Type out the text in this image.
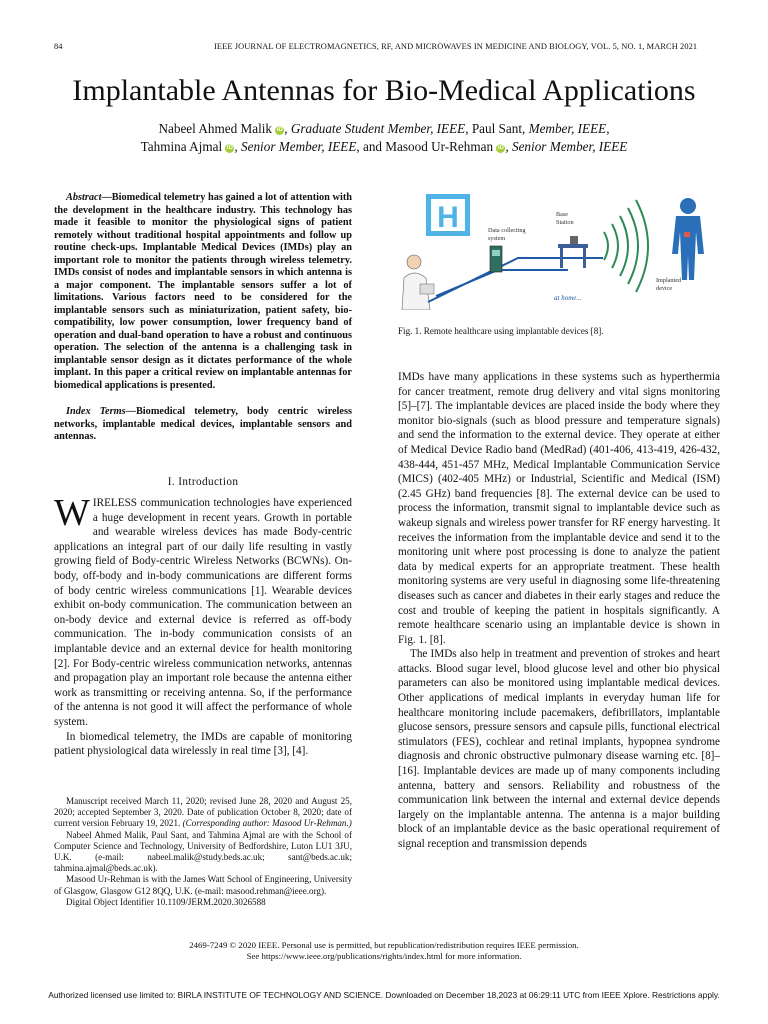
84	IEEE JOURNAL OF ELECTROMAGNETICS, RF, AND MICROWAVES IN MEDICINE AND BIOLOGY, VOL. 5, NO. 1, MARCH 2021
Implantable Antennas for Bio-Medical Applications
Nabeel Ahmed Malik iD , Graduate Student Member, IEEE, Paul Sant, Member, IEEE,
Tahmina Ajmal iD , Senior Member, IEEE, and Masood Ur-Rehman iD , Senior Member, IEEE
Abstract—Biomedical telemetry has gained a lot of attention with the development in the healthcare industry. This technology has made it feasible to monitor the physiological signs of patient remotely without traditional hospital appointments and follow up routine check-ups. Implantable Medical Devices (IMDs) play an important role to monitor the patients through wireless telemetry. IMDs consist of nodes and implantable sensors in which antenna is a major component. The implantable sensors suffer a lot of limitations. Various factors need to be considered for the implantable sensors such as miniaturization, patient safety, bio-compatibility, low power consumption, lower frequency band of operation and dual-band operation to have a robust and continuous operation. The selection of the antenna is a challenging task in implantable sensor design as it dictates performance of the whole implant. In this paper a critical review on implantable antennas for biomedical applications is presented.
Index Terms—Biomedical telemetry, body centric wireless networks, implantable medical devices, implantable sensors and antennas.
I. Introduction

WIRELESS communication technologies have experienced a huge development in recent years. Growth in portable and wearable wireless devices has made Body-centric applications an integral part of our daily life resulting in vastly growing field of Body-centric Wireless Networks (BCWNs). On-body, off-body and in-body communications are different forms of body centric wireless communications [1]. Wearable devices exhibit on-body communication. The communication between an on-body device and external device is referred as off-body communication. The in-body communication consists of an implantable device and an external device for health monitoring [2]. For Body-centric wireless communication networks, antennas and propagation play an important role because the antenna either work as transmitting or receiving antenna. So, if the performance of the antenna is not good it will affect the performance of whole system.

In biomedical telemetry, the IMDs are capable of monitoring patient physiological data wirelessly in real time [3], [4].

Manuscript received March 11, 2020; revised June 28, 2020 and August 25, 2020; accepted September 3, 2020. Date of publication October 8, 2020; date of current version February 19, 2021. (Corresponding author: Masood Ur-Rehman.)
Nabeel Ahmed Malik, Paul Sant, and Tahmina Ajmal are with the School of Computer Science and Technology, University of Bedfordshire, Luton LU1 3JU, U.K. (e-mail: nabeel.malik@study.beds.ac.uk; sant@beds.ac.uk; tahmina.ajmal@beds.ac.uk).
Masood Ur-Rehman is with the James Watt School of Engineering, University of Glasgow, Glasgow G12 8QQ, U.K. (e-mail: masood.rehman@ieee.org).
Digital Object Identifier 10.1109/JERM.2020.3026588
H	Data collecting
system
Base
Station
Implanted
device
at home...
Fig. 1. Remote healthcare using implantable devices [8].

IMDs have many applications in these systems such as hyperthermia for cancer treatment, remote drug delivery and vital signs monitoring [5]–[7]. The implantable devices are placed inside the body where they monitor bio-signals (such as blood pressure and temperature signals) and send the information to the external device. They operate at either of Medical Device Radio band (MedRad) (401-406, 413-419, 426-432, 438-444, 451-457 MHz, Medical Implantable Communication Service (MICS) (402-405 MHz) or Industrial, Scientific and Medical (ISM) (2.45 GHz) band frequencies [8]. The external device can be used to process the information, transmit signal to implantable device such as wakeup signals and wireless power transfer for RF energy harvesting. It receives the information from the implantable device and send it to the monitoring unit where post processing is done to analyze the patient data by medical experts for an appropriate treatment. These health monitoring systems are very useful in diagnosing some life-threatening diseases such as cancer and diabetes in their early stages and reduce the cost and trouble of keeping the patient in hospitals significantly. A remote healthcare scenario using an implantable device is shown in Fig. 1. [8].

The IMDs also help in treatment and prevention of strokes and heart attacks. Blood sugar level, blood glucose level and other bio physical parameters can also be monitored using implantable medical devices. Other applications of medical implants in everyday human life for healthcare monitoring include pacemakers, defibrillators, implantable glucose sensors, pressure sensors and capsule pills, functional electrical stimulators (FES), cochlear and retinal implants, hypopnea syndrome diagnosis and chronic obstructive pulmonary disease warning etc. [8]–[16]. Implantable devices are made up of many components including antenna, battery and sensors. Reliability and robustness of the communication link between the internal and external device depends largely on the implantable antenna. The antenna is a major building block of an implantable device as the basic operational requirement of signal reception and transmission depends

2469-7249 © 2020 IEEE. Personal use is permitted, but republication/redistribution requires IEEE permission.
See https://www.ieee.org/publications/rights/index.html for more information.
Authorized licensed use limited to: BIRLA INSTITUTE OF TECHNOLOGY AND SCIENCE. Downloaded on December 18,2023 at 06:29:11 UTC from IEEE Xplore. Restrictions apply.
